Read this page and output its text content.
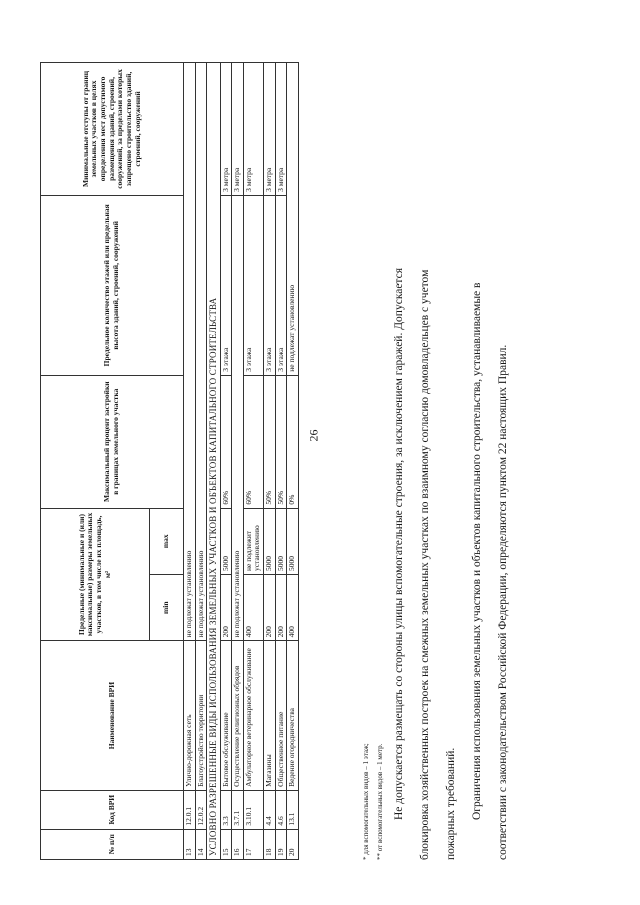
26
№ п/п	Код ВРИ	Наименование ВРИ	Предельные (минимальные и (или) максимальные) размеры земельных участков, в том числе их площадь, м²		Максимальный процент застройки в границах земельного участка	Предельное количество этажей или предельная высота зданий, строений, сооружений	Минимальные отступы от границ земельных участков в целях определения мест допустимого размещения зданий, строений, сооружений, за пределами которых запрещено строительство зданий, строений, сооружений
			min	max			
13	12.0.1	Улично-дорожная сеть	не подлежат установлению				
14	12.0.2	Благоустройство территории	не подлежат установлению				
УСЛОВНО РАЗРЕШЕННЫЕ ВИДЫ ИСПОЛЬЗОВАНИЯ ЗЕМЕЛЬНЫХ УЧАСТКОВ И ОБЪЕКТОВ КАПИТАЛЬНОГО СТРОИТЕЛЬСТВА							
15	3.3	Бытовое обслуживание	200	5000	60%	3 этажа	3 метра
16	3.7.1	Осуществление религиозных обрядов	не подлежат установлению				3 метра
17	3.10.1	Амбулаторное ветеринарное обслуживание	400	не подлежит установлению	60%	3 этажа	3 метра
18	4.4	Магазины	200	5000	50%	3 этажа	3 метра
19	4.6	Общественное питание	200	5000	50%	3 этажа	3 метра
20	13.1	Ведение огородничества	400	5000	0%	не подлежат установлению	
* для вспомогательных видов – 1 этаж; ** от вспомогательных видов – 1 метр. Не допускается размещать со стороны улицы вспомогательные строения, за исключением гаражей. Допускается блокировка хозяйственных построек на смежных земельных участках по взаимному согласию домовладельцев с учетом пожарных требований. Ограничения использования земельных участков и объектов капитального строительства, устанавливаемые в соответствии с законодательством Российской Федерации, определяются пунктом 22 настоящих Правил.
